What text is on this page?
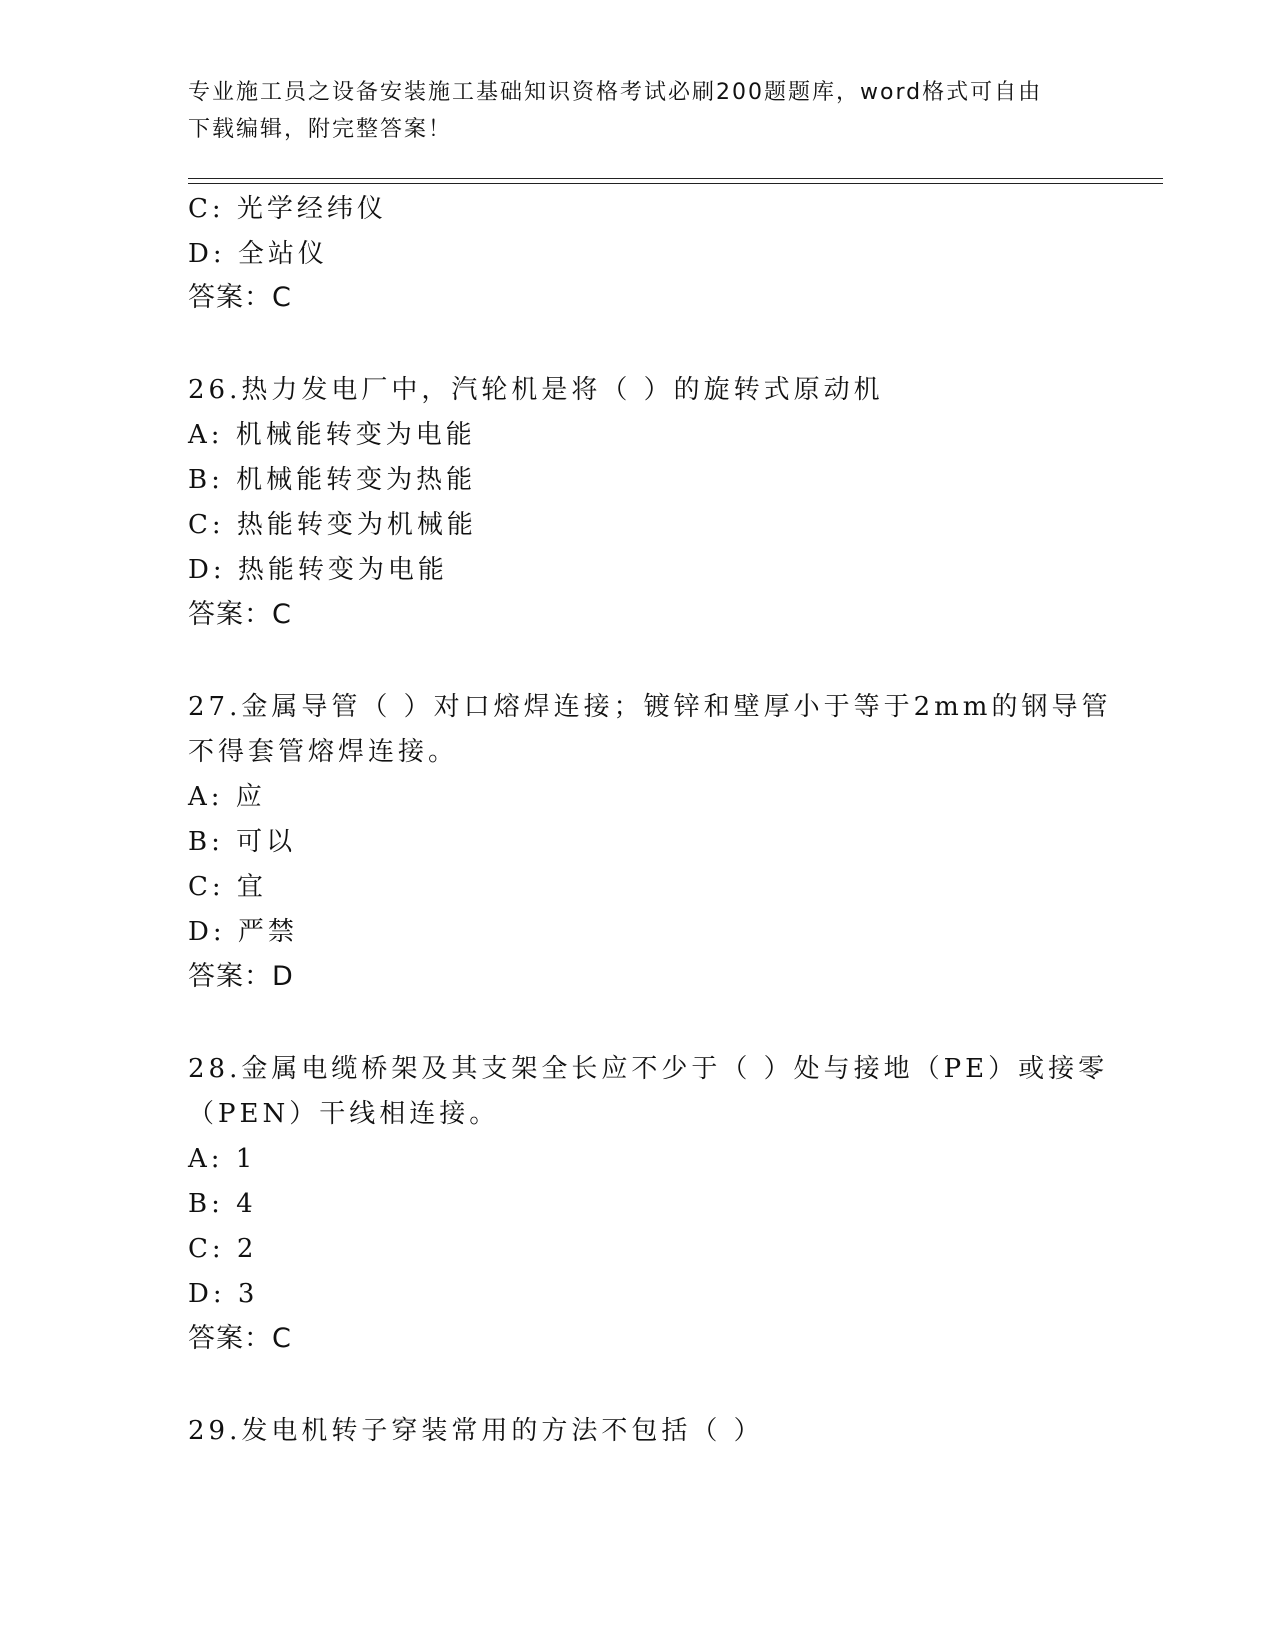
专业施工员之设备安装施工基础知识资格考试必刷200题题库，word格式可自由
下载编辑，附完整答案！
C: 光学经纬仪
D: 全站仪
答案：C
26.热力发电厂中，汽轮机是将（ ）的旋转式原动机
A: 机械能转变为电能
B: 机械能转变为热能
C: 热能转变为机械能
D: 热能转变为电能
答案：C
27.金属导管（ ）对口熔焊连接；镀锌和壁厚小于等于2mm的钢导管
不得套管熔焊连接。
A: 应
B: 可以
C: 宜
D: 严禁
答案：D
28.金属电缆桥架及其支架全长应不少于（ ）处与接地（PE）或接零
（PEN）干线相连接。
A: 1
B: 4
C: 2
D: 3
答案：C
29.发电机转子穿装常用的方法不包括（ ）
